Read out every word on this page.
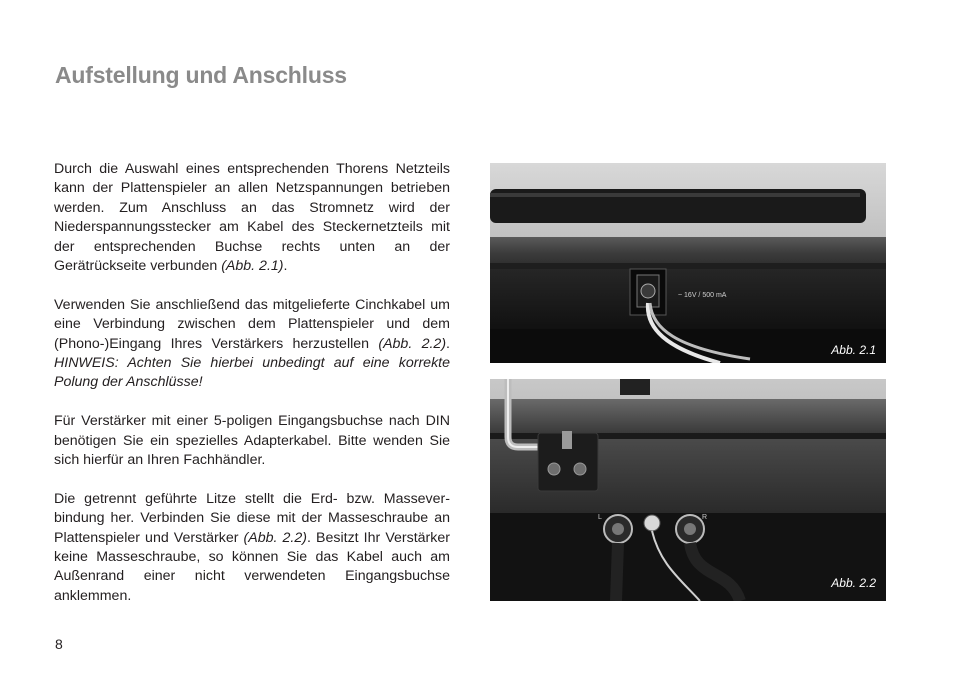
Aufstellung und Anschluss

Durch die Auswahl eines entsprechenden Thorens Netzteils kann der Plattenspieler an allen Netzspannungen betrieben werden. Zum Anschluss an das Stromnetz wird der Niederspannungsstecker am Kabel des Steckernetzteils mit der entsprechenden Buchse rechts unten an der Gerätrückseite verbunden (Abb. 2.1).

Verwenden Sie anschließend das mitgelieferte Cinchkabel um eine Verbindung zwischen dem Plattenspieler und dem (Phono-)Eingang Ihres Verstärkers herzustellen (Abb. 2.2). HINWEIS: Achten Sie hierbei unbedingt auf eine korrekte Polung der Anschlüsse!

Für Verstärker mit einer 5-poligen Eingangsbuchse nach DIN benötigen Sie ein spezielles Adapterkabel. Bitte wenden Sie sich hierfür an Ihren Fachhändler.

Die getrennt geführte Litze stellt die Erd- bzw. Masseverbindung her. Verbinden Sie diese mit der Masseschraube an Plattenspieler und Verstärker (Abb. 2.2). Besitzt Ihr Verstärker keine Masseschraube, so können Sie das Kabel auch am Außenrand einer nicht verwendeten Eingangsbuchse anklemmen.

~ 16V / 500 mA
Abb. 2.1
L	R
Abb. 2.2
8
